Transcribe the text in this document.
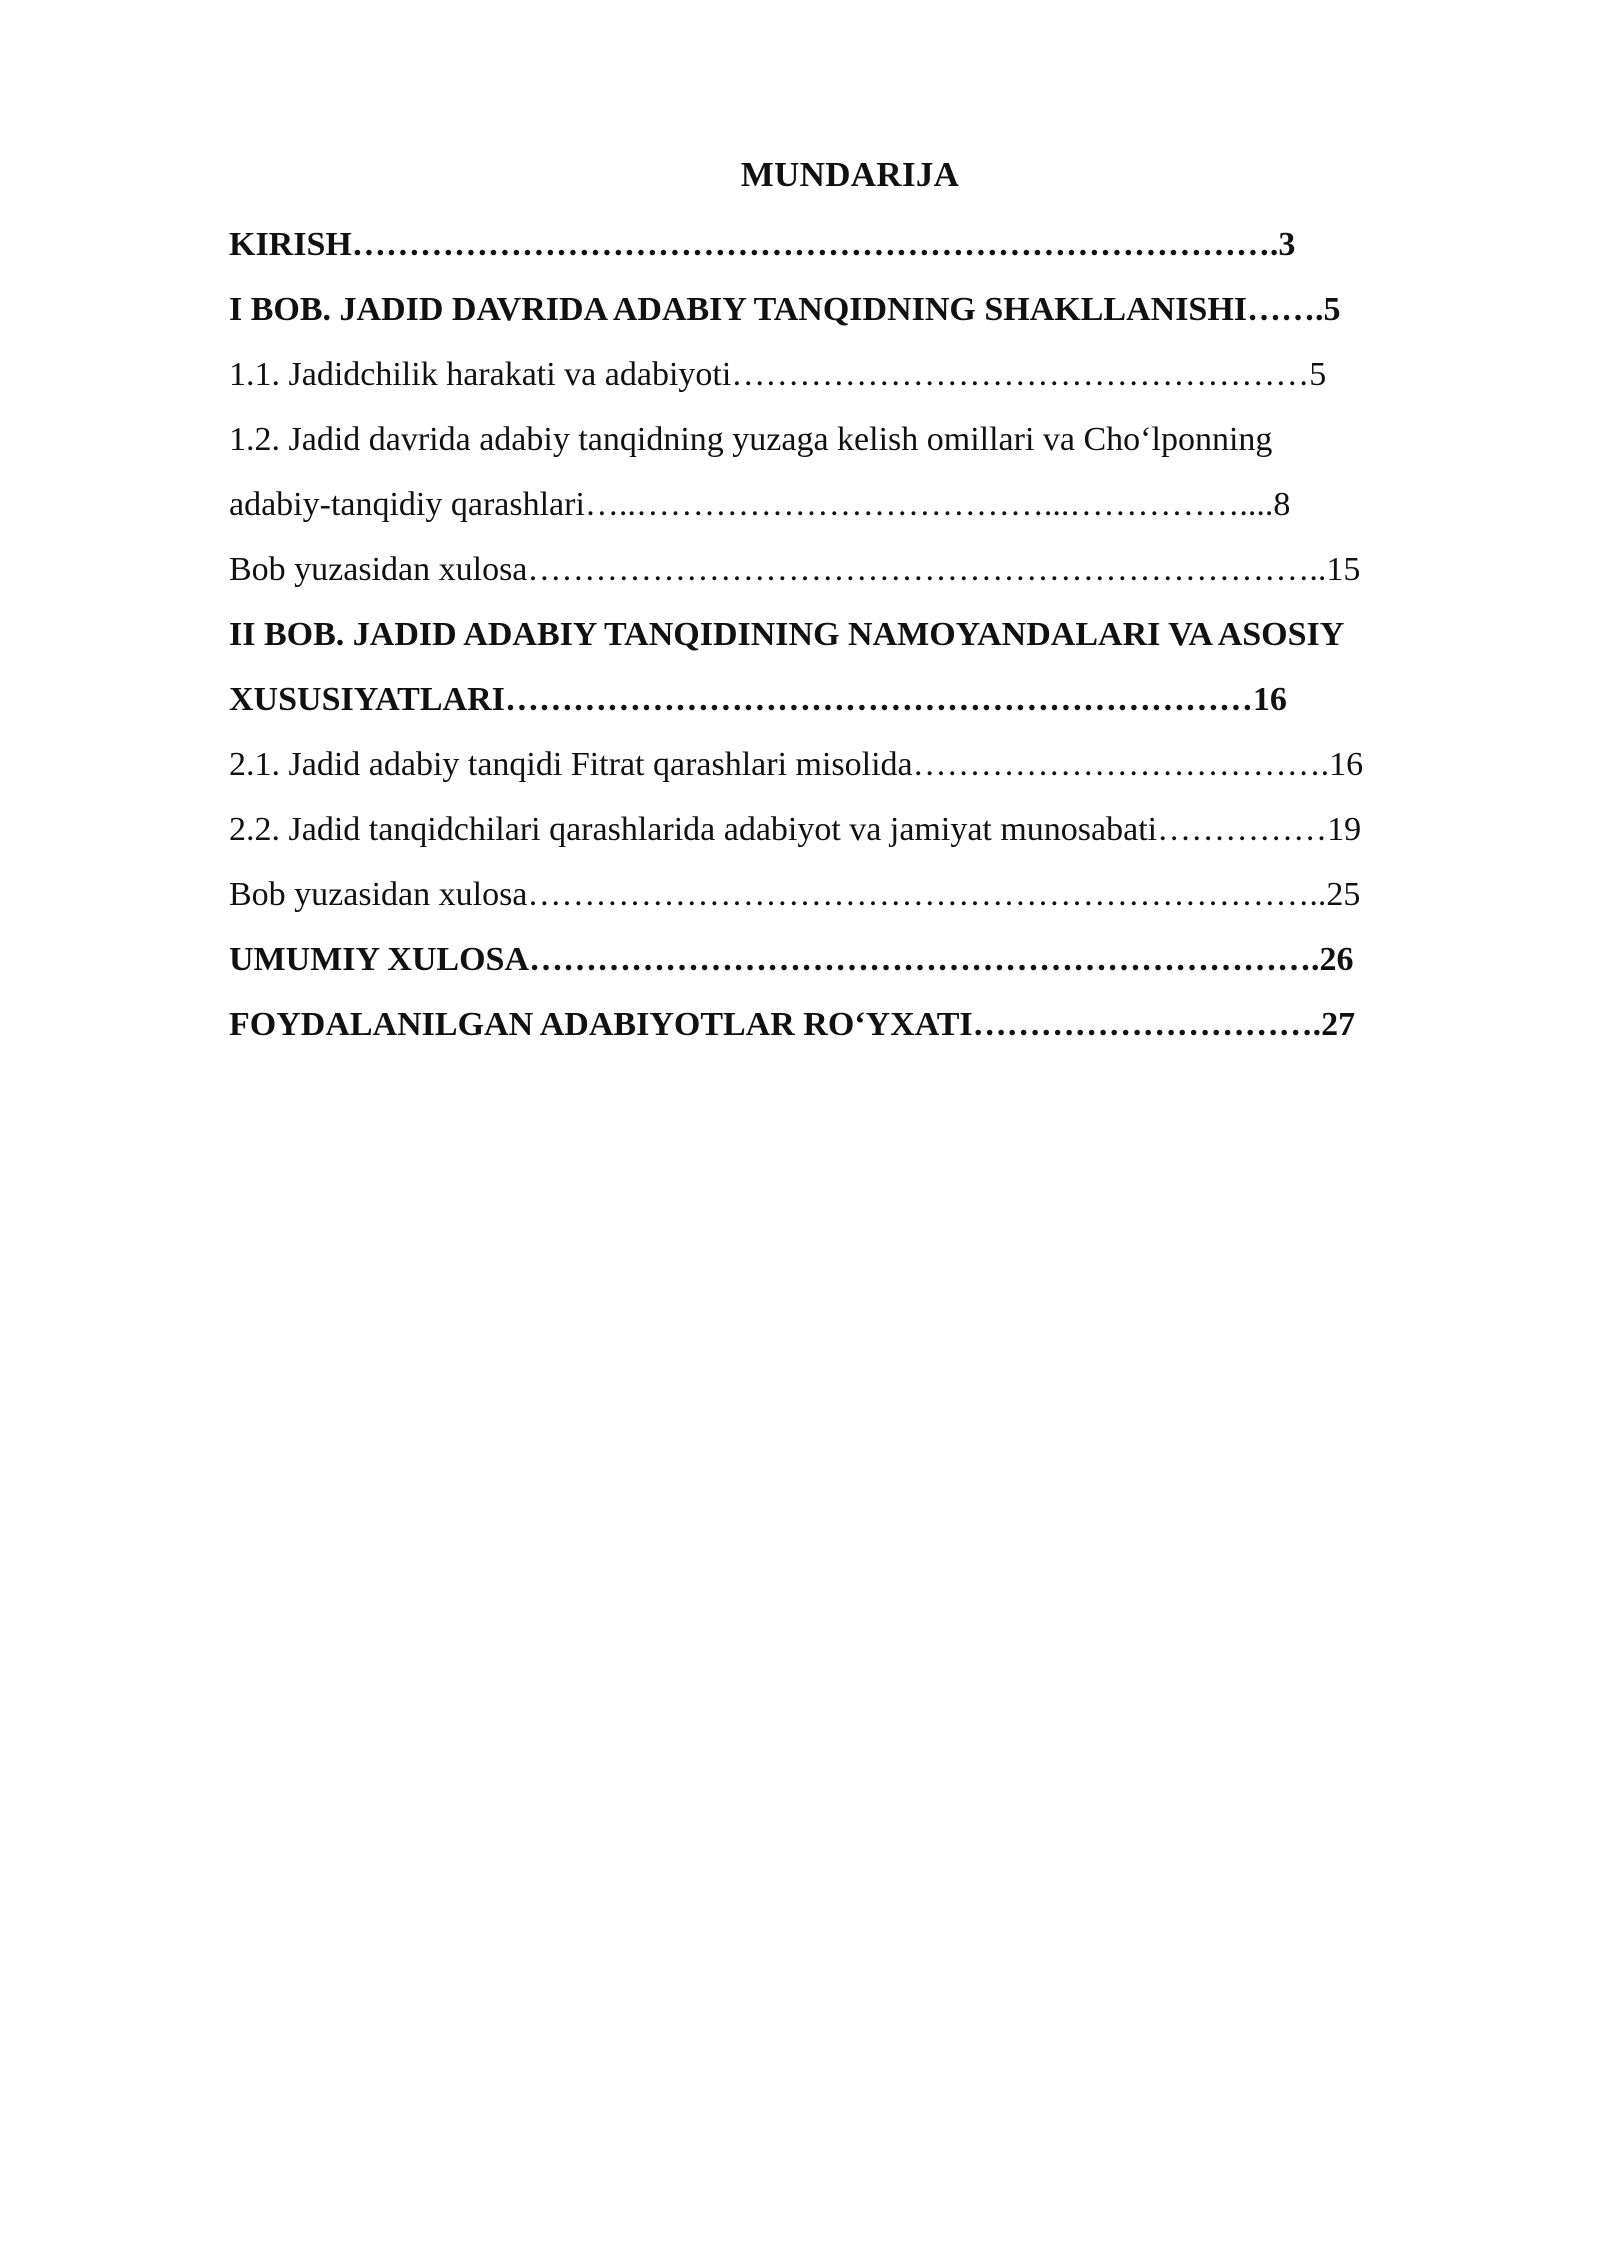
MUNDARIJA
KIRISH……………………………………………………………………….3
I BOB. JADID DAVRIDA ADABIY TANQIDNING SHAKLLANISHI…….5
1.1. Jadidchilik harakati va adabiyoti……………………………………………5
1.2. Jadid davrida adabiy tanqidning yuzaga kelish omillari va Cho‘lponning
adabiy-tanqidiy qarashlari…..………………………………...……………....8
Bob yuzasidan xulosa……………………………………………………………..15
II BOB. JADID ADABIY TANQIDINING NAMOYANDALARI VA ASOSIY
XUSUSIYATLARI…………………………………………………………16
2.1. Jadid adabiy tanqidi Fitrat qarashlari misolida……………………………….16
2.2. Jadid tanqidchilari qarashlarida adabiyot va jamiyat munosabati……………19
Bob yuzasidan xulosa……………………………………………………………..25
UMUMIY XULOSA…………………………………………………………….26
FOYDALANILGAN ADABIYOTLAR RO‘YXATI………………………….27
